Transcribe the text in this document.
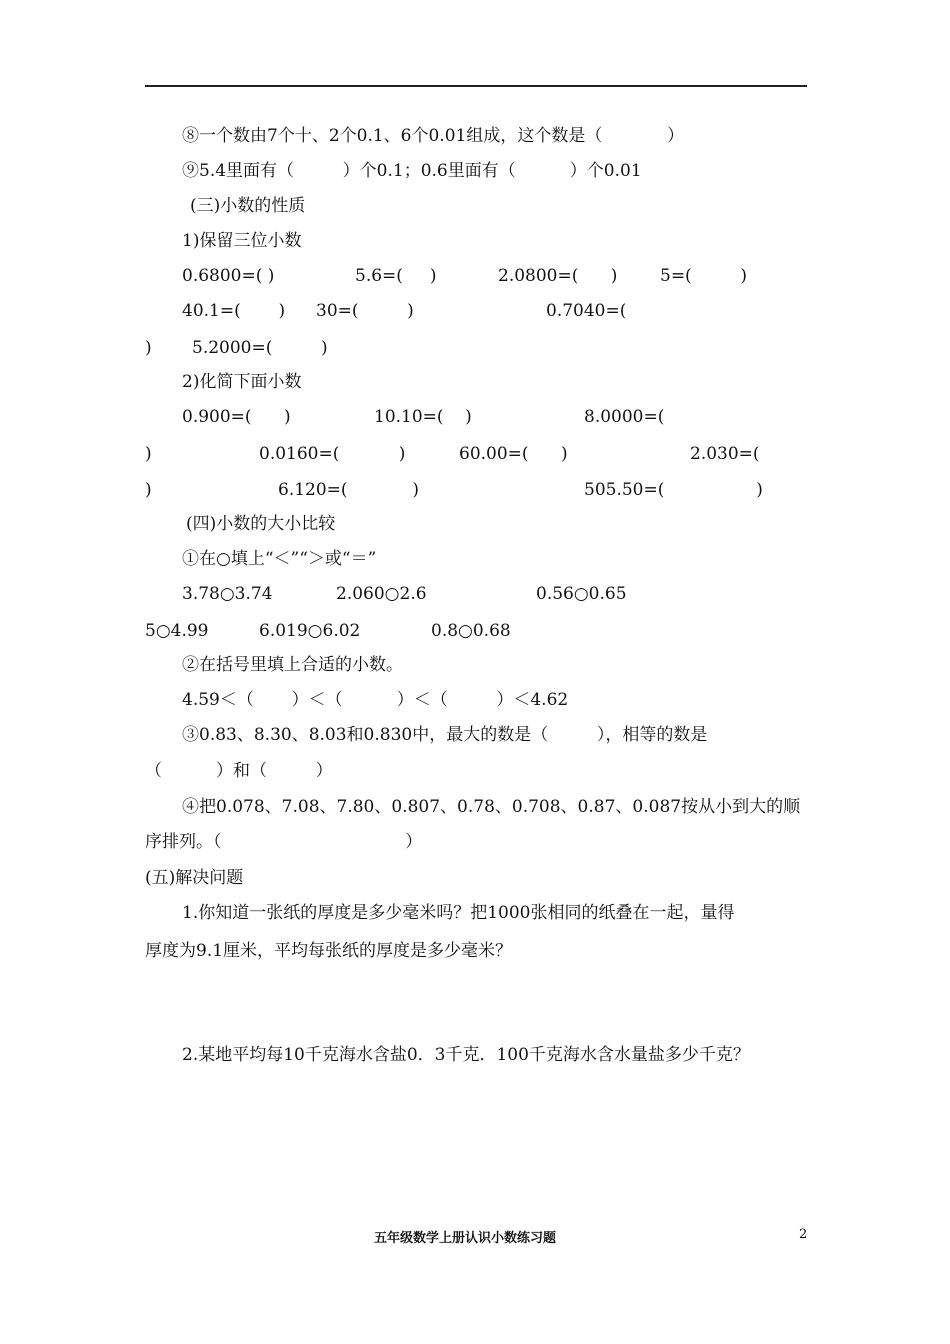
⑧一个数由7个十、2个0.1、6个0.01组成，这个数是（            ）
⑨5.4里面有（         ）个0.1；0.6里面有（          ）个0.01
(三)小数的性质
1)保留三位小数
0.6800=( )	5.6=(     )	2.0800=(      )	5=(         )
40.1=(       ) 30=(         )	0.7040=(
) 5.2000=(         )
2)化简下面小数
0.900=(      )	10.10=(    )	8.0000=(
)	0.0160=(           )	60.00=(      )	2.030=(
)	6.120=(            )	505.50=(                 )
(四)小数的大小比较
①在○填上“＜”“＞或“＝”
3.78○3.74	2.060○2.6	0.56○0.65
5○4.99	6.019○6.02	0.8○0.68
②在括号里填上合适的小数。
4.59＜（       ）＜（          ）＜（         ）＜4.62
③0.83、8.30、8.03和0.830中，最大的数是（         ），相等的数是
（          ）和（         ）
④把0.078、7.08、7.80、0.807、0.78、0.708、0.87、0.087按从小到大的顺
序排列。（                                  ）
(五)解决问题
1.你知道一张纸的厚度是多少毫米吗？把1000张相同的纸叠在一起，量得
厚度为9.1厘米，平均每张纸的厚度是多少毫米？
2.某地平均每10千克海水含盐0．3千克．100千克海水含水量盐多少千克？
五年级数学上册认识小数练习题	2
